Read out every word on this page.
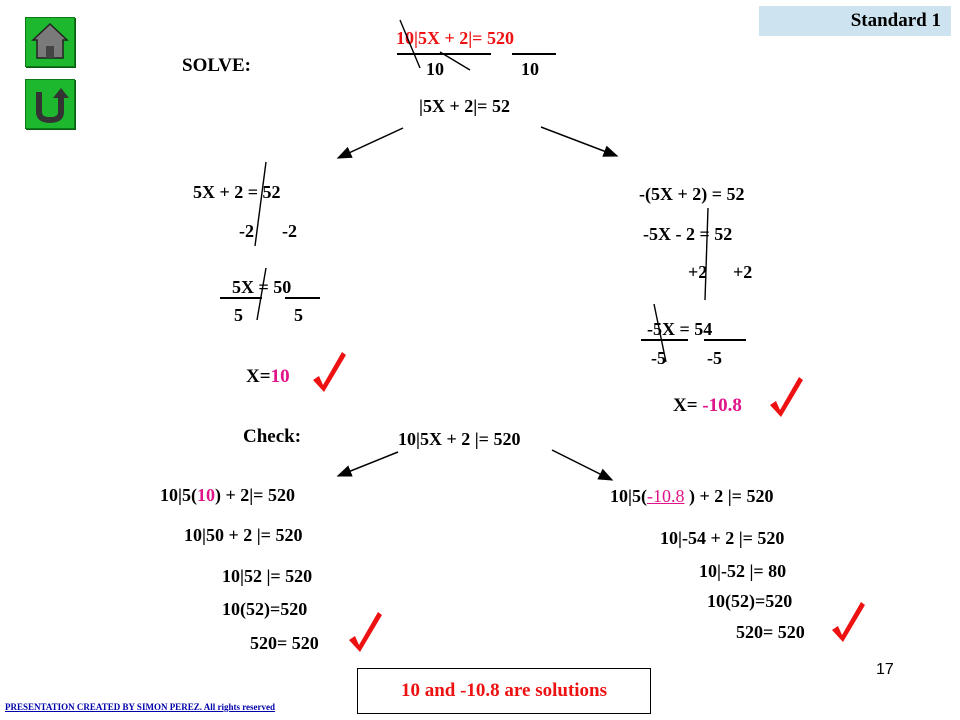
Standard 1
SOLVE:
10|5X + 2|= 520
10	10
|5X + 2|= 52
5X + 2 = 52
-2 -2
5X = 50
5	5
X=10
-(5X + 2) = 52
-5X - 2 = 52
+2 +2
-5X = 54
-5 -5
X= -10.8
Check:	10|5X + 2 |= 520
10|5(10) + 2|= 520
10|50 + 2 |= 520
10|52 |= 520
10(52)=520
520= 520
10|5(-10.8 ) + 2 |= 520
10|-54 + 2 |= 520
10|-52 |= 80
10(52)=520
520= 520
10 and -10.8 are solutions
17
PRESENTATION CREATED BY SIMON PEREZ. All rights reserved
